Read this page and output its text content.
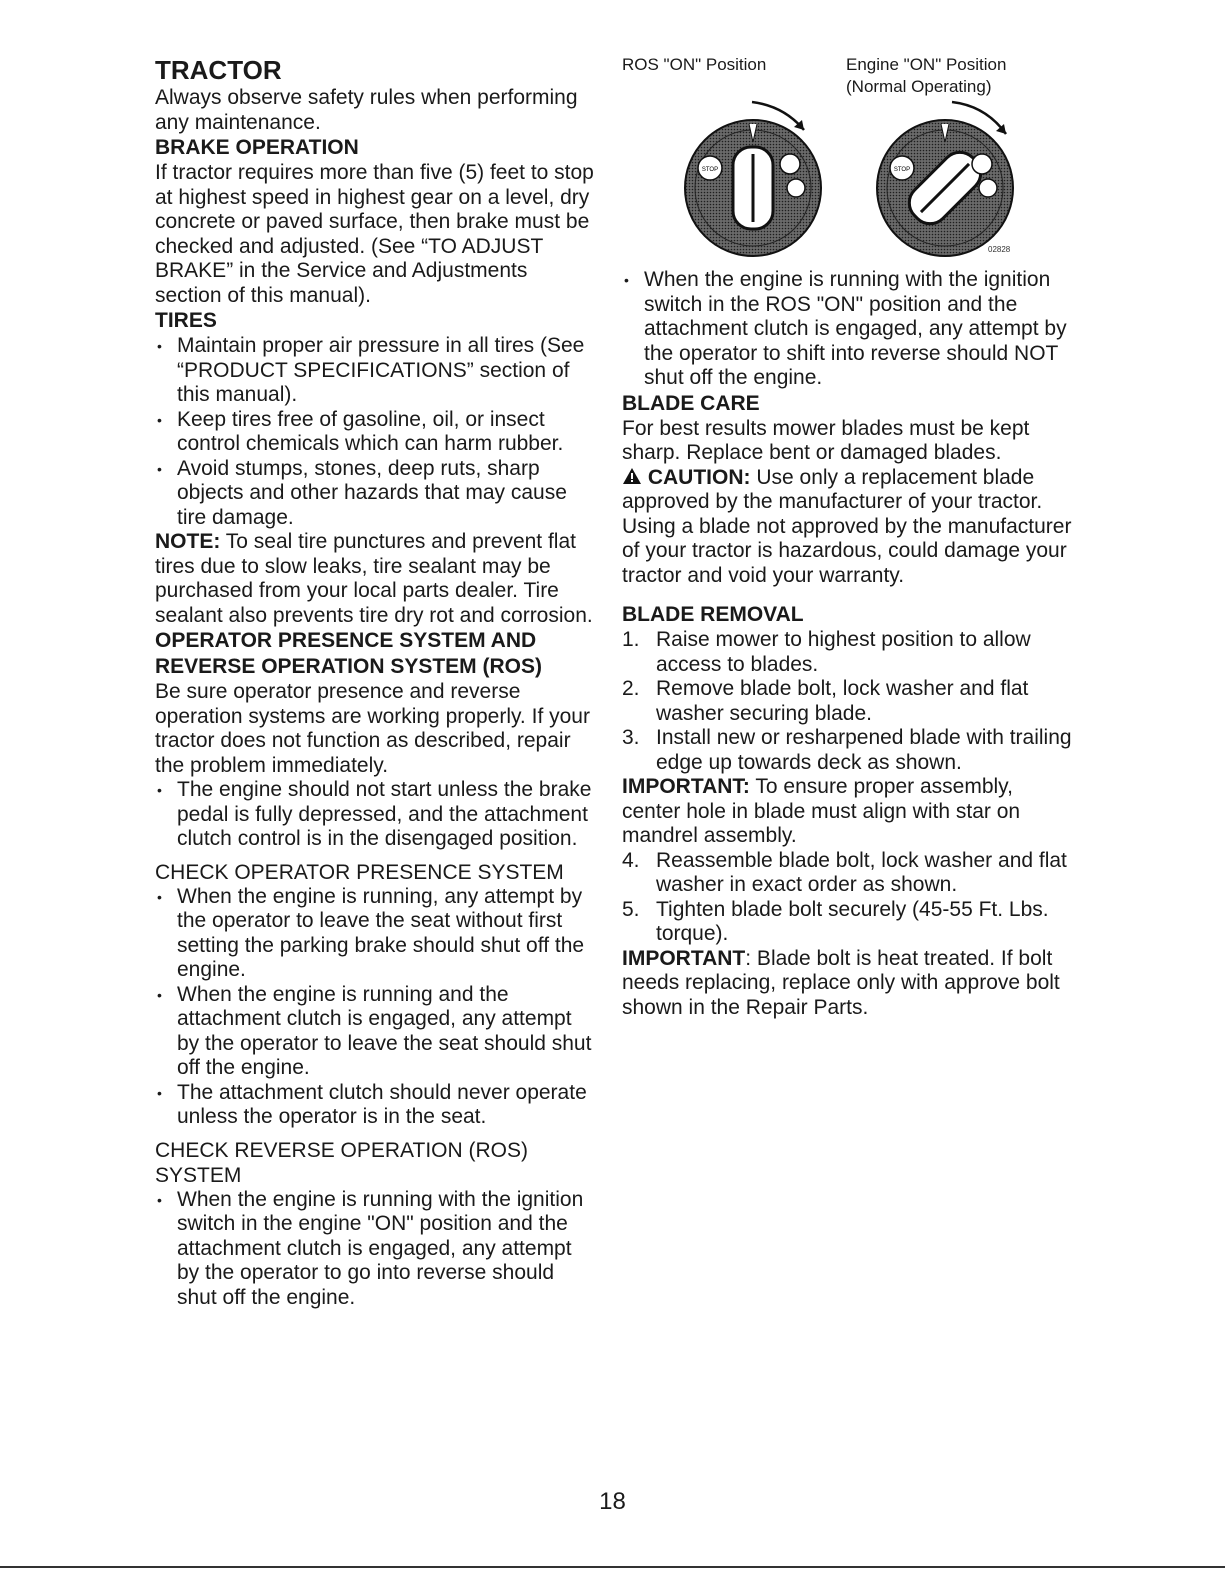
TRACTOR

Always observe safety rules when performing any maintenance.

BRAKE OPERATION

If tractor requires more than five (5) feet to stop at highest speed in highest gear on a level, dry concrete or paved surface, then brake must be checked and adjusted. (See “TO ADJUST BRAKE” in the Service and Adjustments section of this manual).

TIRES
• Maintain proper air pressure in all tires (See “PRODUCT SPECIFICATIONS” section of this manual).
• Keep tires free of gasoline, oil, or insect control chemicals which can harm rubber.
• Avoid stumps, stones, deep ruts, sharp objects and other hazards that may cause tire damage.

NOTE: To seal tire punctures and prevent flat tires due to slow leaks, tire sealant may be purchased from your local parts dealer. Tire sealant also prevents tire dry rot and corrosion.

OPERATOR PRESENCE SYSTEM AND REVERSE OPERATION SYSTEM (ROS)

Be sure operator presence and reverse operation systems are working properly. If your tractor does not function as described, repair the problem immediately.

• The engine should not start unless the brake pedal is fully depressed, and the attachment clutch control is in the disengaged position.
CHECK OPERATOR PRESENCE SYSTEM
• When the engine is running, any attempt by the operator to leave the seat without first setting the parking brake should shut off the engine.
• When the engine is running and the attachment clutch is engaged, any attempt by the operator to leave the seat should shut off the engine.
• The attachment clutch should never operate unless the operator is in the seat.
CHECK REVERSE OPERATION (ROS) SYSTEM
• When the engine is running with the ignition switch in the engine "ON" position and the attachment clutch is engaged, any attempt by the operator to go into reverse should shut off the engine.
ROS "ON" Position	Engine "ON" Position
(Normal Operating)
STOP	STOP
02828
• When the engine is running with the ignition switch in the ROS "ON" position and the attachment clutch is engaged, any attempt by the operator to shift into reverse should NOT shut off the engine.
BLADE CARE

For best results mower blades must be kept sharp. Replace bent or damaged blades.

CAUTION: Use only a replacement blade approved by the manufacturer of your tractor. Using a blade not approved by the manufacturer of your tractor is hazardous, could damage your tractor and void your warranty.

BLADE REMOVAL
1. Raise mower to highest position to allow access to blades.
2. Remove blade bolt, lock washer and flat washer securing blade.
3. Install new or resharpened blade with trailing edge up towards deck as shown.

IMPORTANT: To ensure proper assembly, center hole in blade must align with star on mandrel assembly.

4. Reassemble blade bolt, lock washer and flat washer in exact order as shown.
5. Tighten blade bolt securely (45-55 Ft. Lbs. torque).

IMPORTANT: Blade bolt is heat treated. If bolt needs replacing, replace only with approve bolt shown in the Repair Parts.

18
